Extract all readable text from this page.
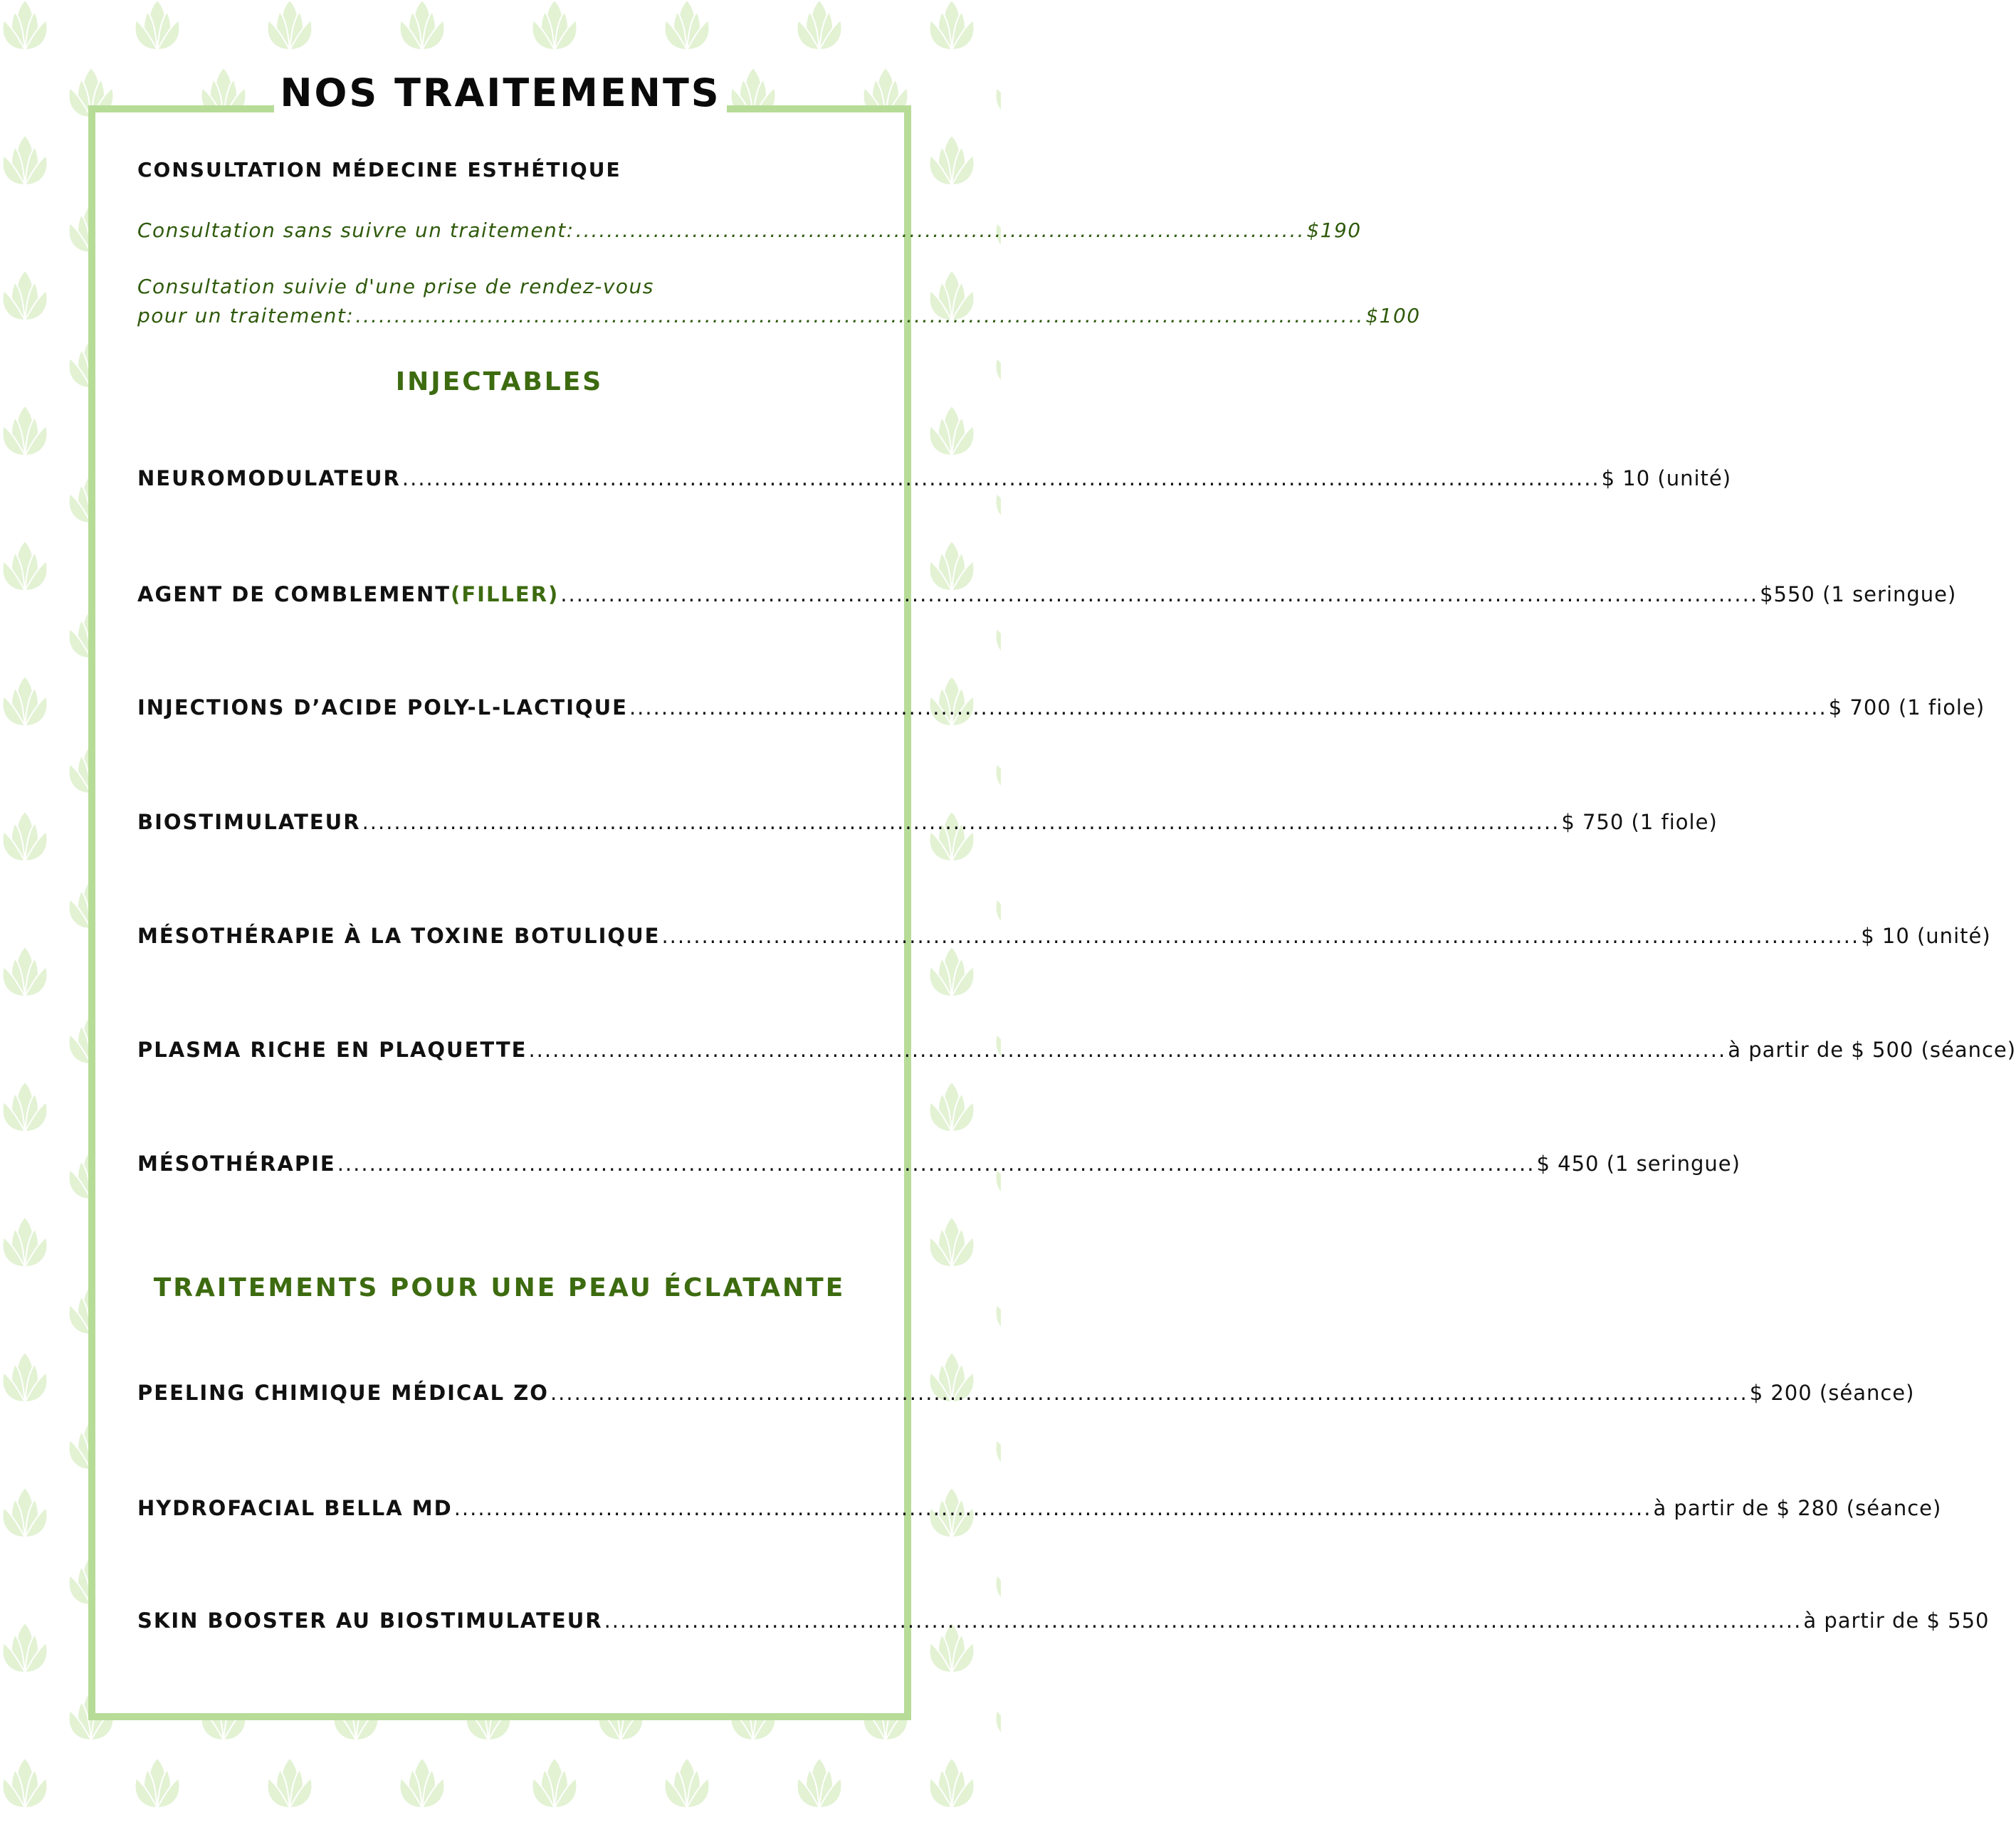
NOS TRAITEMENTS
CONSULTATION MÉDECINE ESTHÉTIQUE
Consultation sans suivre un traitement: .............................................................................................. $190
Consultation suivie d'une prise de rendez-vous
pour un traitement: .................................................................................................................................. $100
INJECTABLES
NEUROMODULATEUR ...................................................................................................................................................... $ 10 (unité)
AGENT DE COMBLEMENT (FILLER) ...................................................................................................................................................... $550 (1 seringue)
INJECTIONS D’ACIDE POLY-L-LACTIQUE ...................................................................................................................................................... $ 700 (1 fiole)
BIOSTIMULATEUR ...................................................................................................................................................... $ 750 (1 fiole)
MÉSOTHÉRAPIE À LA TOXINE BOTULIQUE ...................................................................................................................................................... $ 10 (unité)
PLASMA RICHE EN PLAQUETTE ...................................................................................................................................................... à partir de $ 500 (séance)
MÉSOTHÉRAPIE ...................................................................................................................................................... $ 450 (1 seringue)
TRAITEMENTS POUR UNE PEAU ÉCLATANTE
PEELING CHIMIQUE MÉDICAL ZO ...................................................................................................................................................... $ 200 (séance)
HYDROFACIAL BELLA MD ...................................................................................................................................................... à partir de $ 280 (séance)
SKIN BOOSTER AU BIOSTIMULATEUR ...................................................................................................................................................... à partir de $ 550
